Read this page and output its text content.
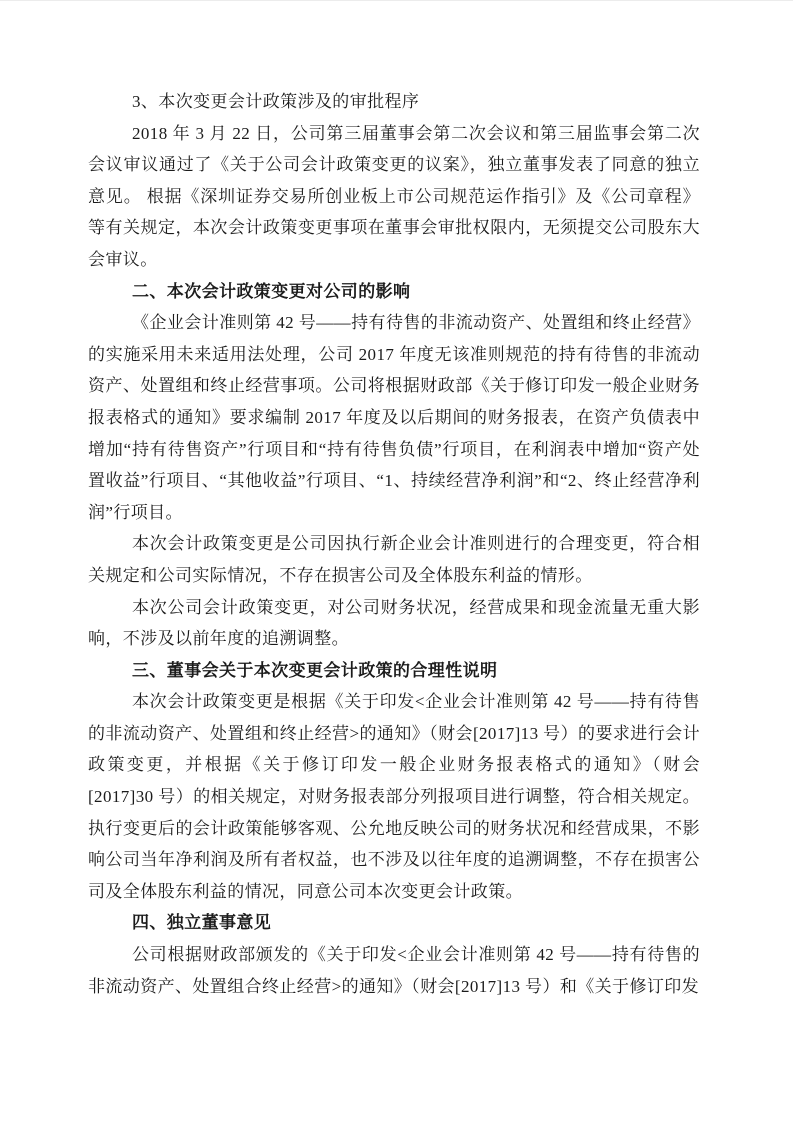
3、本次变更会计政策涉及的审批程序

2018 年 3 月 22 日，公司第三届董事会第二次会议和第三届监事会第二次会议审议通过了《关于公司会计政策变更的议案》，独立董事发表了同意的独立意见。 根据《深圳证券交易所创业板上市公司规范运作指引》及《公司章程》等有关规定，本次会计政策变更事项在董事会审批权限内，无须提交公司股东大会审议。

二、本次会计政策变更对公司的影响

《企业会计准则第 42 号——持有待售的非流动资产、处置组和终止经营》的实施采用未来适用法处理，公司 2017 年度无该准则规范的持有待售的非流动资产、处置组和终止经营事项。公司将根据财政部《关于修订印发一般企业财务报表格式的通知》要求编制 2017 年度及以后期间的财务报表，在资产负债表中增加“持有待售资产”行项目和“持有待售负债”行项目，在利润表中增加“资产处置收益”行项目、“其他收益”行项目、“1、持续经营净利润”和“2、终止经营净利润”行项目。

本次会计政策变更是公司因执行新企业会计准则进行的合理变更，符合相关规定和公司实际情况，不存在损害公司及全体股东利益的情形。

本次公司会计政策变更，对公司财务状况，经营成果和现金流量无重大影响，不涉及以前年度的追溯调整。

三、董事会关于本次变更会计政策的合理性说明

本次会计政策变更是根据《关于印发<企业会计准则第 42 号——持有待售的非流动资产、处置组和终止经营>的通知》（财会[2017]13 号）的要求进行会计政策变更，并根据《关于修订印发一般企业财务报表格式的通知》（财会[2017]30 号）的相关规定，对财务报表部分列报项目进行调整，符合相关规定。执行变更后的会计政策能够客观、公允地反映公司的财务状况和经营成果，不影响公司当年净利润及所有者权益，也不涉及以往年度的追溯调整，不存在损害公司及全体股东利益的情况，同意公司本次变更会计政策。

四、独立董事意见

公司根据财政部颁发的《关于印发<企业会计准则第 42 号——持有待售的非流动资产、处置组合终止经营>的通知》（财会[2017]13 号）和《关于修订印发
